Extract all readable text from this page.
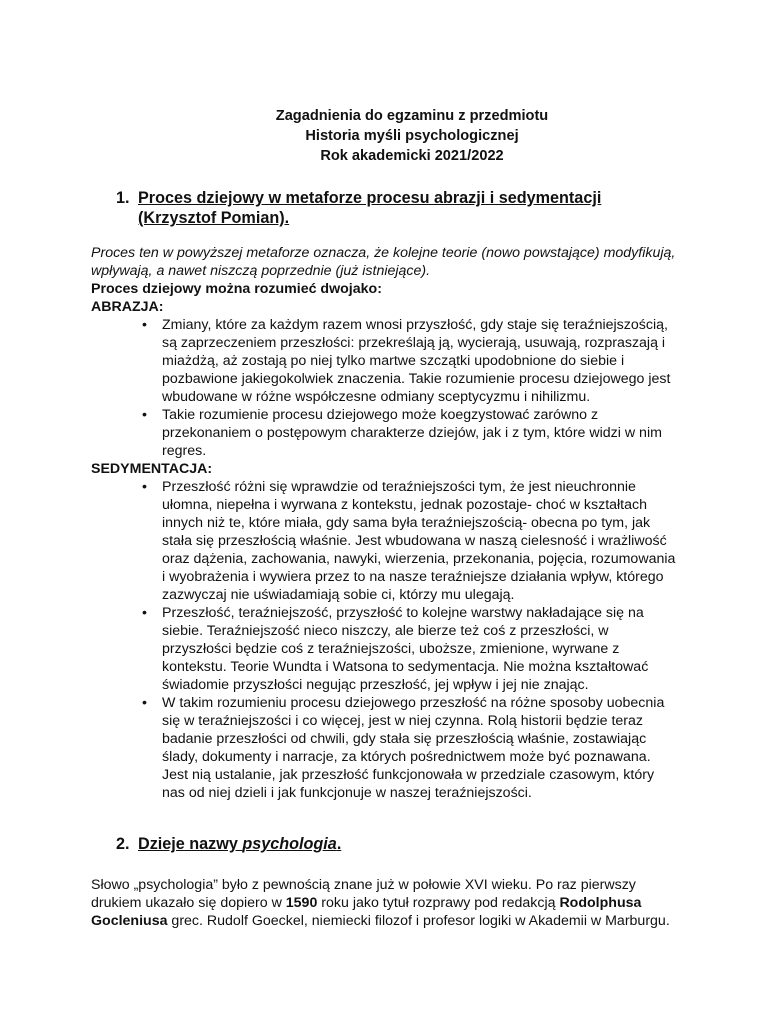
Zagadnienia do egzaminu z przedmiotu
Historia myśli psychologicznej
Rok akademicki 2021/2022
1. Proces dziejowy w metaforze procesu abrazji i sedymentacji (Krzysztof Pomian).
Proces ten w powyższej metaforze oznacza, że kolejne teorie (nowo powstające) modyfikują, wpływają, a nawet niszczą poprzednie (już istniejące).
Proces dziejowy można rozumieć dwojako:
ABRAZJA:
• Zmiany, które za każdym razem wnosi przyszłość, gdy staje się teraźniejszością, są zaprzeczeniem przeszłości: przekreślają ją, wycierają, usuwają, rozpraszają i miażdżą, aż zostają po niej tylko martwe szczątki upodobnione do siebie i pozbawione jakiegokolwiek znaczenia. Takie rozumienie procesu dziejowego jest wbudowane w różne współczesne odmiany sceptycyzmu i nihilizmu.
• Takie rozumienie procesu dziejowego może koegzystować zarówno z przekonaniem o postępowym charakterze dziejów, jak i z tym, które widzi w nim regres.
SEDYMENTACJA:
• Przeszłość różni się wprawdzie od teraźniejszości tym, że jest nieuchronnie ułomna, niepełna i wyrwana z kontekstu, jednak pozostaje- choć w kształtach innych niż te, które miała, gdy sama była teraźniejszością- obecna po tym, jak stała się przeszłością właśnie. Jest wbudowana w naszą cielesność i wrażliwość oraz dążenia, zachowania, nawyki, wierzenia, przekonania, pojęcia, rozumowania i wyobrażenia i wywiera przez to na nasze teraźniejsze działania wpływ, którego zazwyczaj nie uświadamiają sobie ci, którzy mu ulegają.
• Przeszłość, teraźniejszość, przyszłość to kolejne warstwy nakładające się na siebie. Teraźniejszość nieco niszczy, ale bierze też coś z przeszłości, w przyszłości będzie coś z teraźniejszości, uboższe, zmienione, wyrwane z kontekstu. Teorie Wundta i Watsona to sedymentacja. Nie można kształtować świadomie przyszłości negując przeszłość, jej wpływ i jej nie znając.
• W takim rozumieniu procesu dziejowego przeszłość na różne sposoby uobecnia się w teraźniejszości i co więcej, jest w niej czynna. Rolą historii będzie teraz badanie przeszłości od chwili, gdy stała się przeszłością właśnie, zostawiając ślady, dokumenty i narracje, za których pośrednictwem może być poznawana. Jest nią ustalanie, jak przeszłość funkcjonowała w przedziale czasowym, który nas od niej dzieli i jak funkcjonuje w naszej teraźniejszości.
2. Dzieje nazwy psychologia.
Słowo „psychologia” było z pewnością znane już w połowie XVI wieku. Po raz pierwszy drukiem ukazało się dopiero w 1590 roku jako tytuł rozprawy pod redakcją Rodolphusa Gocleniusa grec. Rudolf Goeckel, niemiecki filozof i profesor logiki w Akademii w Marburgu.
